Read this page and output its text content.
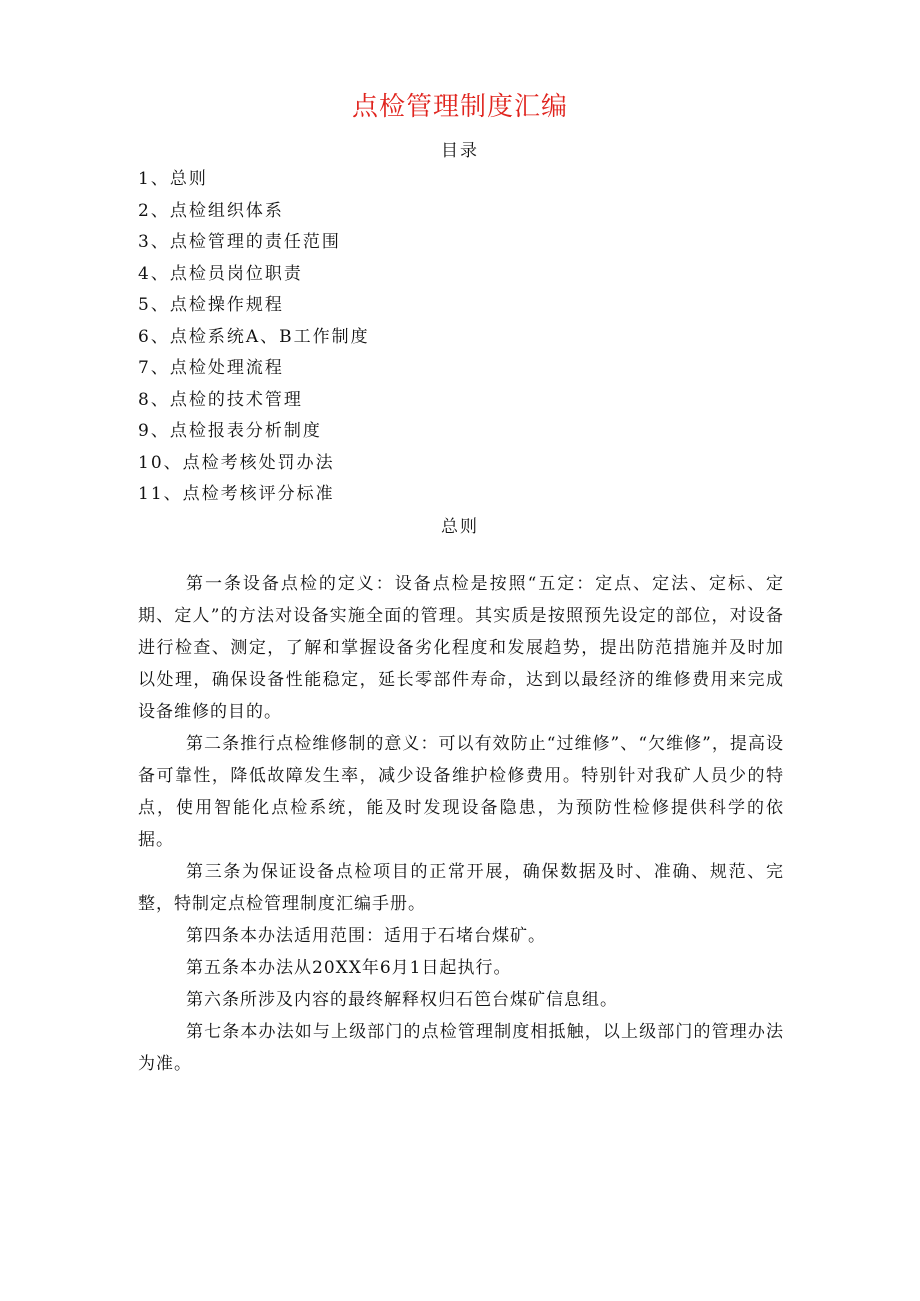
点检管理制度汇编
目录
1、总则
2、点检组织体系
3、点检管理的责任范围
4、点检员岗位职责
5、点检操作规程
6、点检系统A、B工作制度
7、点检处理流程
8、点检的技术管理
9、点检报表分析制度
10、点检考核处罚办法
11、点检考核评分标准
总则

第一条设备点检的定义：设备点检是按照“五定：定点、定法、定标、定期、定人”的方法对设备实施全面的管理。其实质是按照预先设定的部位，对设备进行检查、测定，了解和掌握设备劣化程度和发展趋势，提出防范措施并及时加以处理，确保设备性能稳定，延长零部件寿命，达到以最经济的维修费用来完成设备维修的目的。

第二条推行点检维修制的意义：可以有效防止“过维修”、“欠维修”，提高设备可靠性，降低故障发生率，减少设备维护检修费用。特别针对我矿人员少的特点，使用智能化点检系统，能及时发现设备隐患，为预防性检修提供科学的依据。

第三条为保证设备点检项目的正常开展，确保数据及时、准确、规范、完整，特制定点检管理制度汇编手册。

第四条本办法适用范围：适用于石堵台煤矿。

第五条本办法从20XX年6月1日起执行。

第六条所涉及内容的最终解释权归石笆台煤矿信息组。

第七条本办法如与上级部门的点检管理制度相抵触，以上级部门的管理办法为准。
